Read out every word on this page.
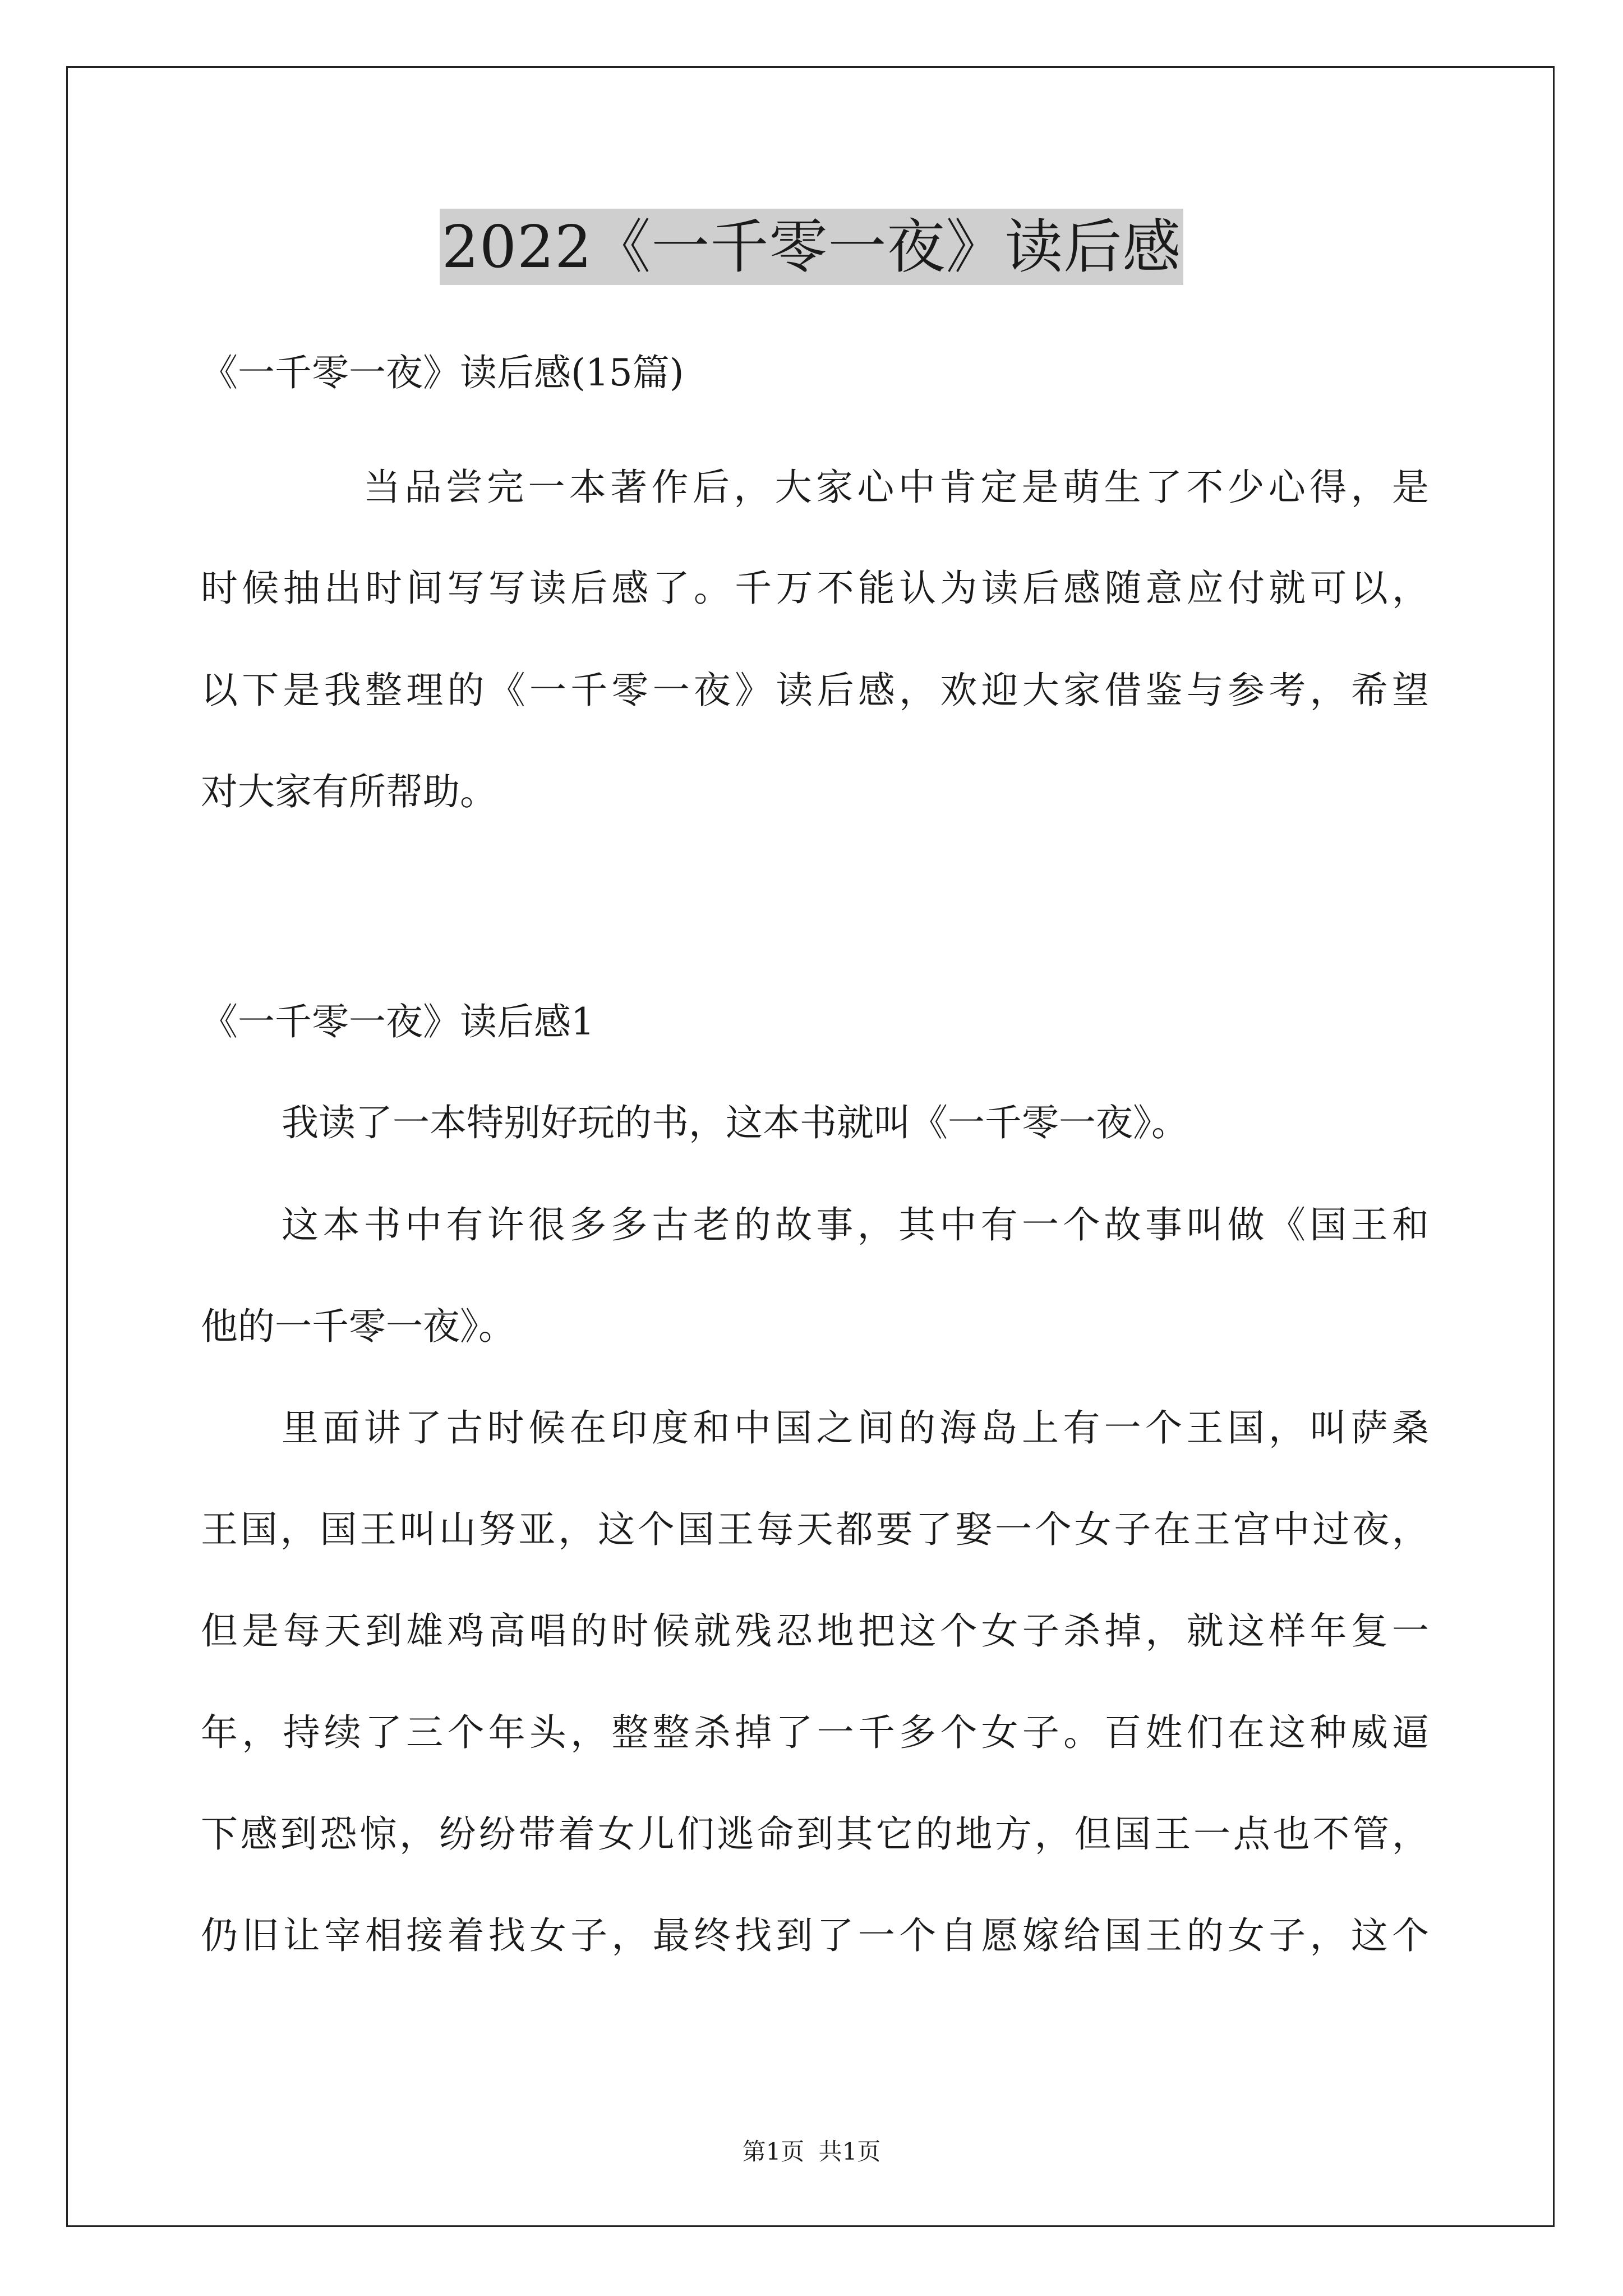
2022《一千零一夜》读后感
《一千零一夜》读后感(15篇)
当品尝完一本著作后，大家心中肯定是萌生了不少心得，是
时候抽出时间写写读后感了。千万不能认为读后感随意应付就可以，
以下是我整理的《一千零一夜》读后感，欢迎大家借鉴与参考，希望
对大家有所帮助。
《一千零一夜》读后感1
我读了一本特别好玩的书，这本书就叫《一千零一夜》。
这本书中有许很多多古老的故事，其中有一个故事叫做《国王和
他的一千零一夜》。
里面讲了古时候在印度和中国之间的海岛上有一个王国，叫萨桑
王国，国王叫山努亚，这个国王每天都要了娶一个女子在王宫中过夜，
但是每天到雄鸡高唱的时候就残忍地把这个女子杀掉，就这样年复一
年，持续了三个年头，整整杀掉了一千多个女子。百姓们在这种威逼
下感到恐惊，纷纷带着女儿们逃命到其它的地方，但国王一点也不管，
仍旧让宰相接着找女子，最终找到了一个自愿嫁给国王的女子，这个
第1页 共1页
